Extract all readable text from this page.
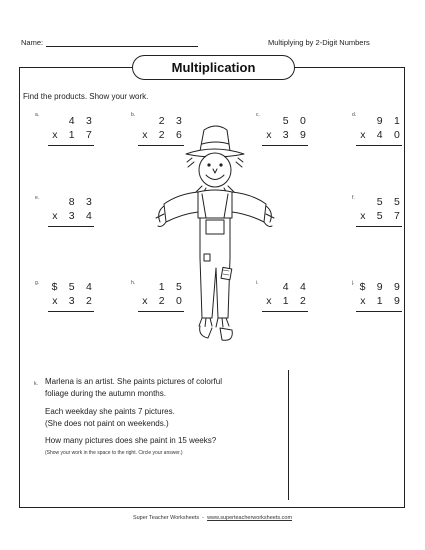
Name:	Multiplying by 2-Digit Numbers
Multiplication
Find the products. Show your work.
a.	4 3
x 1 7
b.	2 3
x 2 6
c.	5 0
x 3 9
d.	9 1
x 4 0
e.	8 3
x 3 4
f.	5 5
x 5 7
g.	$ 5 4
x 3 2
h.	1 5
x 2 0
i.	4 4
x 1 2
j. $ 9 9
x 1 9
k. Marlena is an artist. She paints pictures of colorful
foliage during the autumn months.
Each weekday she paints 7 pictures.
(She does not paint on weekends.)
How many pictures does she paint in 15 weeks?
(Show your work in the space to the right. Circle your answer.)
Super Teacher Worksheets - www.superteacherworksheets.com
